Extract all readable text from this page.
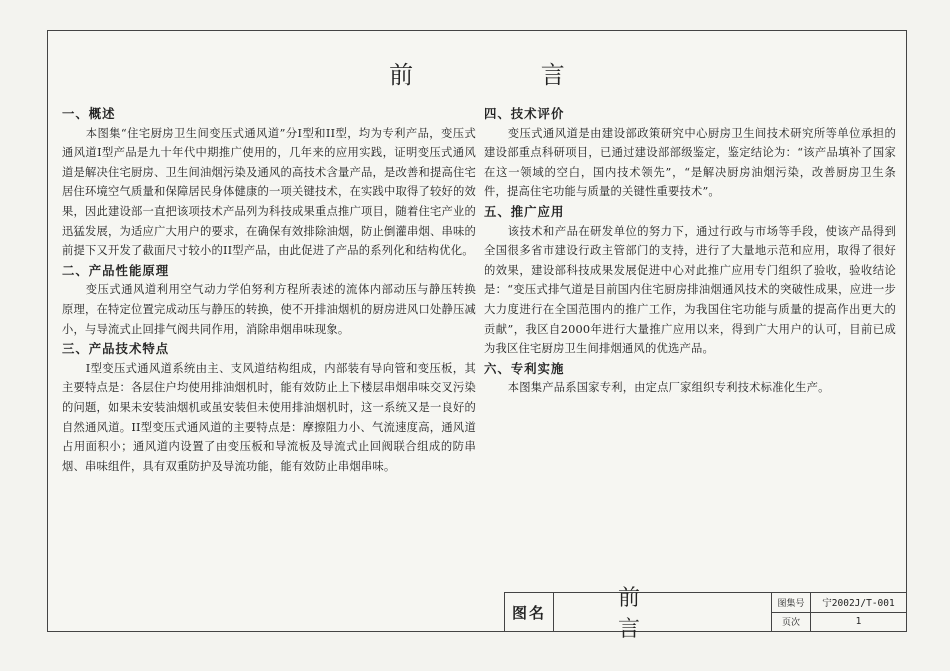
前 言
一、概述

本图集“住宅厨房卫生间变压式通风道”分I型和II型，均为专利产品，变压式通风道I型产品是九十年代中期推广使用的，几年来的应用实践，证明变压式通风道是解决住宅厨房、卫生间油烟污染及通风的高技术含量产品，是改善和提高住宅居住环境空气质量和保障居民身体健康的一项关键技术，在实践中取得了较好的效果，因此建设部一直把该项技术产品列为科技成果重点推广项目，随着住宅产业的迅猛发展，为适应广大用户的要求，在确保有效排除油烟，防止倒灌串烟、串味的前提下又开发了截面尺寸较小的II型产品，由此促进了产品的系列化和结构优化。

二、产品性能原理

变压式通风道利用空气动力学伯努利方程所表述的流体内部动压与静压转换原理，在特定位置完成动压与静压的转换，使不开排油烟机的厨房进风口处静压减小，与导流式止回排气阀共同作用，消除串烟串味现象。

三、产品技术特点

I型变压式通风道系统由主、支风道结构组成，内部装有导向管和变压板，其主要特点是：各层住户均使用排油烟机时，能有效防止上下楼层串烟串味交叉污染的问题，如果未安装油烟机或虽安装但未使用排油烟机时，这一系统又是一良好的自然通风道。II型变压式通风道的主要特点是：摩擦阻力小、气流速度高，通风道占用面积小；通风道内设置了由变压板和导流板及导流式止回阀联合组成的防串烟、串味组件，具有双重防护及导流功能，能有效防止串烟串味。

四、技术评价

变压式通风道是由建设部政策研究中心厨房卫生间技术研究所等单位承担的建设部重点科研项目，已通过建设部部级鉴定，鉴定结论为：“该产品填补了国家在这一领域的空白，国内技术领先”，“是解决厨房油烟污染，改善厨房卫生条件，提高住宅功能与质量的关键性重要技术”。

五、推广应用

该技术和产品在研发单位的努力下，通过行政与市场等手段，使该产品得到全国很多省市建设行政主管部门的支持，进行了大量地示范和应用，取得了很好的效果，建设部科技成果发展促进中心对此推广应用专门组织了验收，验收结论是：“变压式排气道是目前国内住宅厨房排油烟通风技术的突破性成果，应进一步大力度进行在全国范围内的推广工作，为我国住宅功能与质量的提高作出更大的贡献”，我区自2000年进行大量推广应用以来，得到广大用户的认可，目前已成为我区住宅厨房卫生间排烟通风的优选产品。

六、专利实施

本图集产品系国家专利，由定点厂家组织专利技术标准化生产。

图名
前 言
图集号	宁2002J/T-001
页次	1
